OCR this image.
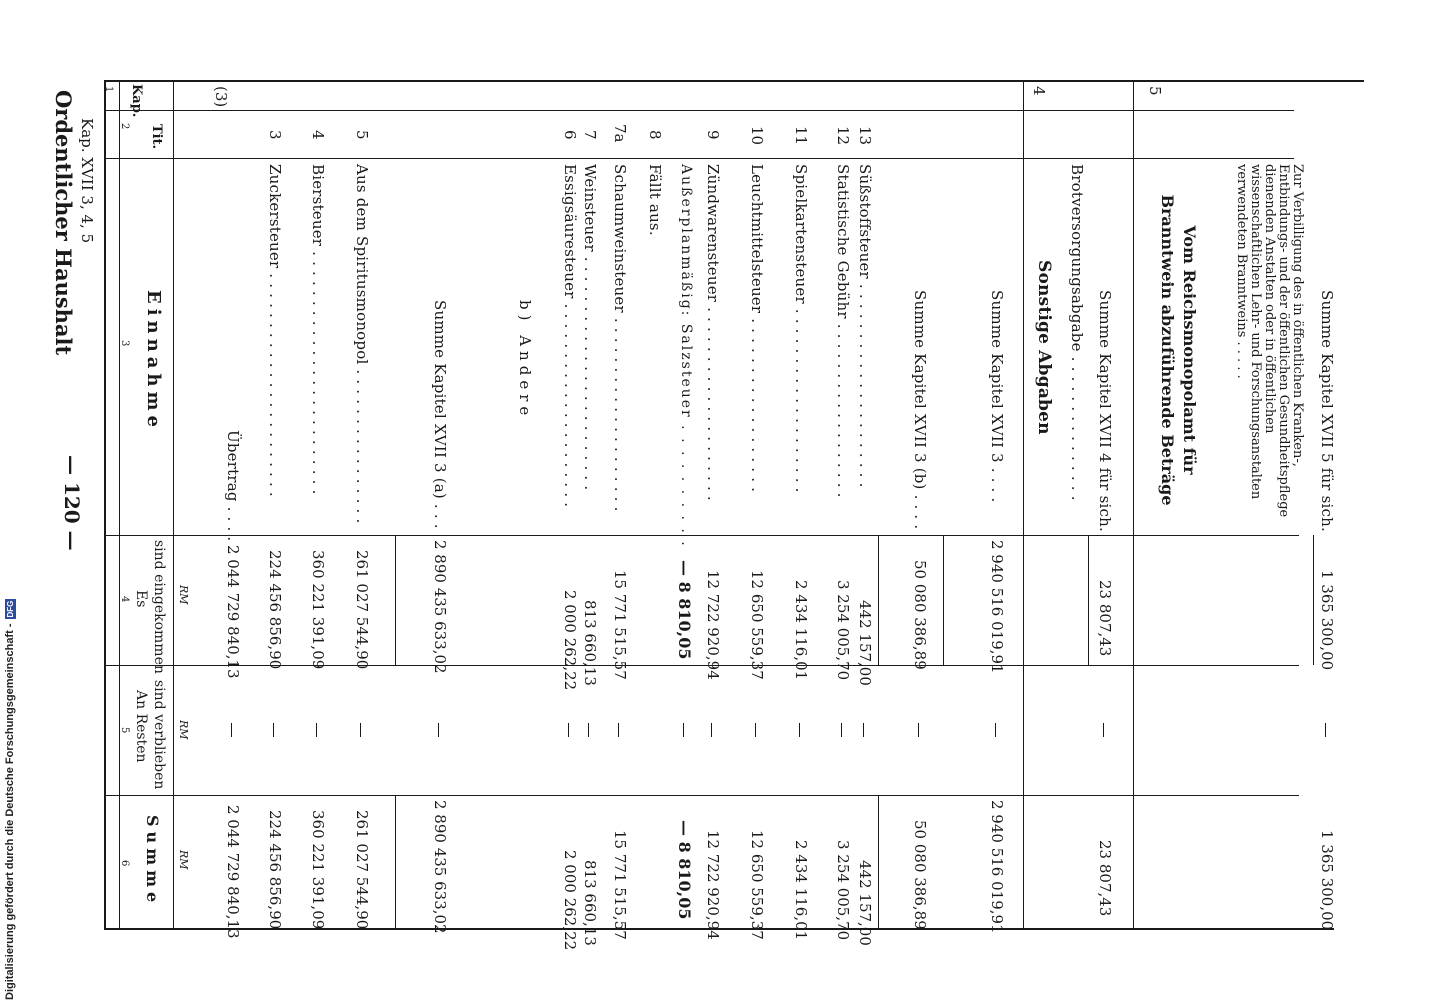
Ordentlicher Haushalt Kap. XVII 3, 4, 5
— 120 —
1
2
3
4
5
6
Kap.
Tit.
Einnahme
Es sind eingekommen
An Resten sind verblieben
Summe
RM
RM
RM
(3)
Übertrag . . . .
2 044 729 840,13
2 044 729 840,13
3
Zuckersteuer . . . . . . . . . . . . . . . . . . . . . . .
224 456 856,90
224 456 856,90
4
Biersteuer . . . . . . . . . . . . . . . . . . . . . . . . .
360 221 391,09
360 221 391,09
5
Aus dem Spiritusmonopol . . . . . . . . . . . . . . . .
261 027 544,90
261 027 544,90
Summe Kapitel XVII 3 (a) . . .
2 890 435 633,02
2 890 435 633,02
b) Andere
6
Essigsäuresteuer . . . . . . . . . . . . . . . . . . . . .
2 000 262,22
2 000 262,22
7
Weinsteuer . . . . . . . . . . . . . . . . . . . . . . . .
813 660,13
813 660,13
7a
Schaumweinsteuer . . . . . . . . . . . . . . . . . . . .
15 771 515,57
15 771 515,57
8
Fällt aus. Außerplanmäßig: Salzsteuer . . . . . . . . . .
— 8 810,05
— 8 810,05
9
Zündwarensteuer . . . . . . . . . . . . . . . . . . . .
12 722 920,94
12 722 920,94
10
Leuchtmittelsteuer . . . . . . . . . . . . . . . . . .
12 650 559,37
12 650 559,37
11
Spielkartensteuer . . . . . . . . . . . . . . . . . . .
2 434 116,01
2 434 116,01
12
Statistische Gebühr . . . . . . . . . . . . . . . . . .
3 254 005,70
3 254 005,70
13
Süßstoffsteuer . . . . . . . . . . . . . . . . . . . . .
442 157,00
442 157,00
Summe Kapitel XVII 3 (b) . . . .
50 080 386,89
50 080 386,89
Summe Kapitel XVII 3 . . . .
2 940 516 019,91
2 940 516 019,91
4
Sonstige Abgaben Brotversorgungsabgabe . . . . . . . . . . . . . . . Summe Kapitel XVII 4 für sich.
23 807,43
23 807,43
5
Vom Reichsmonopolamt für Branntwein abzuführende Beträge	Zur Verbilligung des in öffentlichen Kranken-, Entbindungs- und der öffentlichen Gesundheitspflege dienenden Anstalten oder in öffentlichen wissenschaftlichen Lehr- und Forschungsanstalten verwendeten Branntweins . . . . .
Summe Kapitel XVII 5 für sich.
1 365 300,00
1 365 300,00
Digitalisierung gefördert durch die Deutsche Forschungsgemeinschaft -DFG
